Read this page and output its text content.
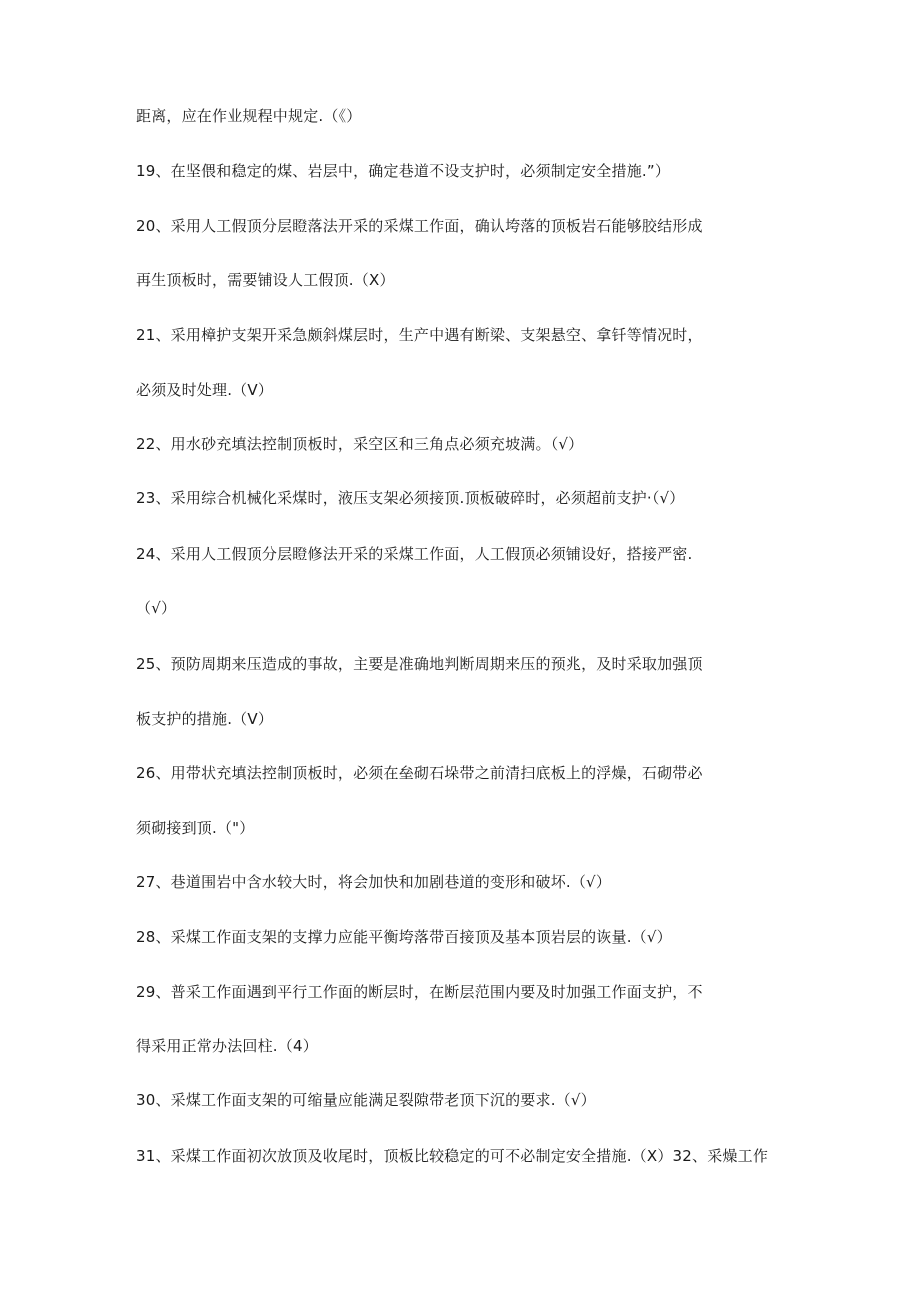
距离，应在作业规程中规定.（《）
19、在坚偎和稳定的煤、岩层中，确定巷道不设支护时，必须制定安全措施.”）
20、采用人工假顶分层瞪落法开采的采煤工作面，确认垮落的顶板岩石能够胶结形成
再生顶板时，需要铺设人工假顶.（X）
21、采用樟护支架开采急颇斜煤层时，生产中遇有断梁、支架悬空、拿钎等情况时，
必须及时处理.（V）
22、用水砂充填法控制顶板时，采空区和三角点必须充坡满。（√）
23、采用综合机械化采煤时，液压支架必须接顶.顶板破碎时，必须超前支护·（√）
24、采用人工假顶分层瞪修法开采的采煤工作面，人工假顶必须铺设好，搭接严密.
（√）
25、预防周期来压造成的事故，主要是准确地判断周期来压的预兆，及时采取加强顶
板支护的措施.（V）
26、用带状充填法控制顶板时，必须在垒砌石垛带之前清扫底板上的浮燥，石砌带必
须砌接到顶.（"）
27、巷道围岩中含水较大时，将会加快和加剧巷道的变形和破坏.（√）
28、采煤工作面支架的支撑力应能平衡垮落带百接顶及基本顶岩层的诙量.（√）
29、普采工作面遇到平行工作面的断层时，在断层范围内要及时加强工作面支护，不
得采用正常办法回柱.（4）
30、采煤工作面支架的可缩量应能满足裂隙带老顶下沉的要求.（√）
31、采煤工作面初次放顶及收尾时，顶板比较稳定的可不必制定安全措施.（X）32、采燥工作
